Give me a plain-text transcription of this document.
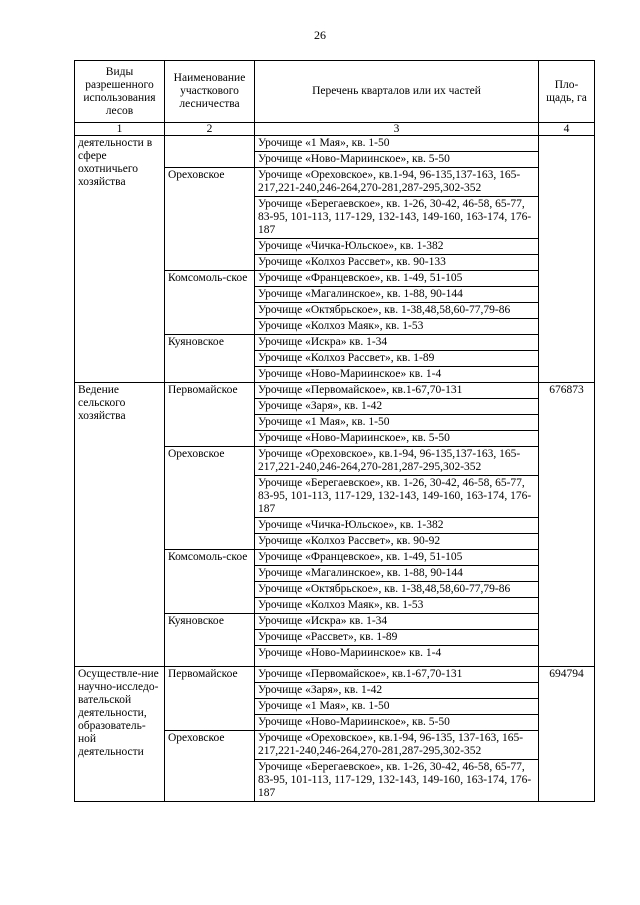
26
Виды разрешенного использования лесов	Наименование участкового лесничества	Перечень кварталов или их частей	Пло-щадь, га
1	2	3	4
деятельности в сфере охотничьего хозяйства		Урочище «1 Мая», кв. 1-50	
		Урочище «Ново-Мариинское», кв. 5-50	
	Ореховское	Урочище «Ореховское», кв.1-94, 96-135,137-163, 165-217,221-240,246-264,270-281,287-295,302-352	
		Урочище «Берегаевское», кв. 1-26, 30-42, 46-58, 65-77, 83-95, 101-113, 117-129, 132-143, 149-160, 163-174, 176-187	
		Урочище «Чичка-Юльское», кв. 1-382	
		Урочище «Колхоз Рассвет», кв. 90-133	
	Комсомоль-ское	Урочище «Францевское», кв. 1-49, 51-105	
		Урочище «Магалинское», кв. 1-88, 90-144	
		Урочище «Октябрьское», кв. 1-38,48,58,60-77,79-86	
		Урочище «Колхоз Маяк», кв. 1-53	
	Куяновское	Урочище «Искра» кв. 1-34	
		Урочище «Колхоз Рассвет», кв. 1-89	
		Урочище «Ново-Мариинское» кв. 1-4	
Ведение сельского хозяйства	Первомайское	Урочище «Первомайское», кв.1-67,70-131	676873
		Урочище «Заря», кв. 1-42	
		Урочище «1 Мая», кв. 1-50	
		Урочище «Ново-Мариинское», кв. 5-50	
	Ореховское	Урочище «Ореховское», кв.1-94, 96-135,137-163, 165-217,221-240,246-264,270-281,287-295,302-352	
		Урочище «Берегаевское», кв. 1-26, 30-42, 46-58, 65-77, 83-95, 101-113, 117-129, 132-143, 149-160, 163-174, 176-187	
		Урочище «Чичка-Юльское», кв. 1-382	
		Урочище «Колхоз Рассвет», кв. 90-92	
	Комсомоль-ское	Урочище «Францевское», кв. 1-49, 51-105	
		Урочище «Магалинское», кв. 1-88, 90-144	
		Урочище «Октябрьское», кв. 1-38,48,58,60-77,79-86	
		Урочище «Колхоз Маяк», кв. 1-53	
	Куяновское	Урочище «Искра» кв. 1-34	
		Урочище «Рассвет», кв. 1-89	
		Урочище «Ново-Мариинское» кв. 1-4	
Осуществле-ние научно-исследо-вательской деятельности, образователь-ной деятельности	Первомайское	Урочище «Первомайское», кв.1-67,70-131	694794
		Урочище «Заря», кв. 1-42	
		Урочище «1 Мая», кв. 1-50	
		Урочище «Ново-Мариинское», кв. 5-50	
	Ореховское	Урочище «Ореховское», кв.1-94, 96-135, 137-163, 165-217,221-240,246-264,270-281,287-295,302-352	
		Урочище «Берегаевское», кв. 1-26, 30-42, 46-58, 65-77, 83-95, 101-113, 117-129, 132-143, 149-160, 163-174, 176-187	
